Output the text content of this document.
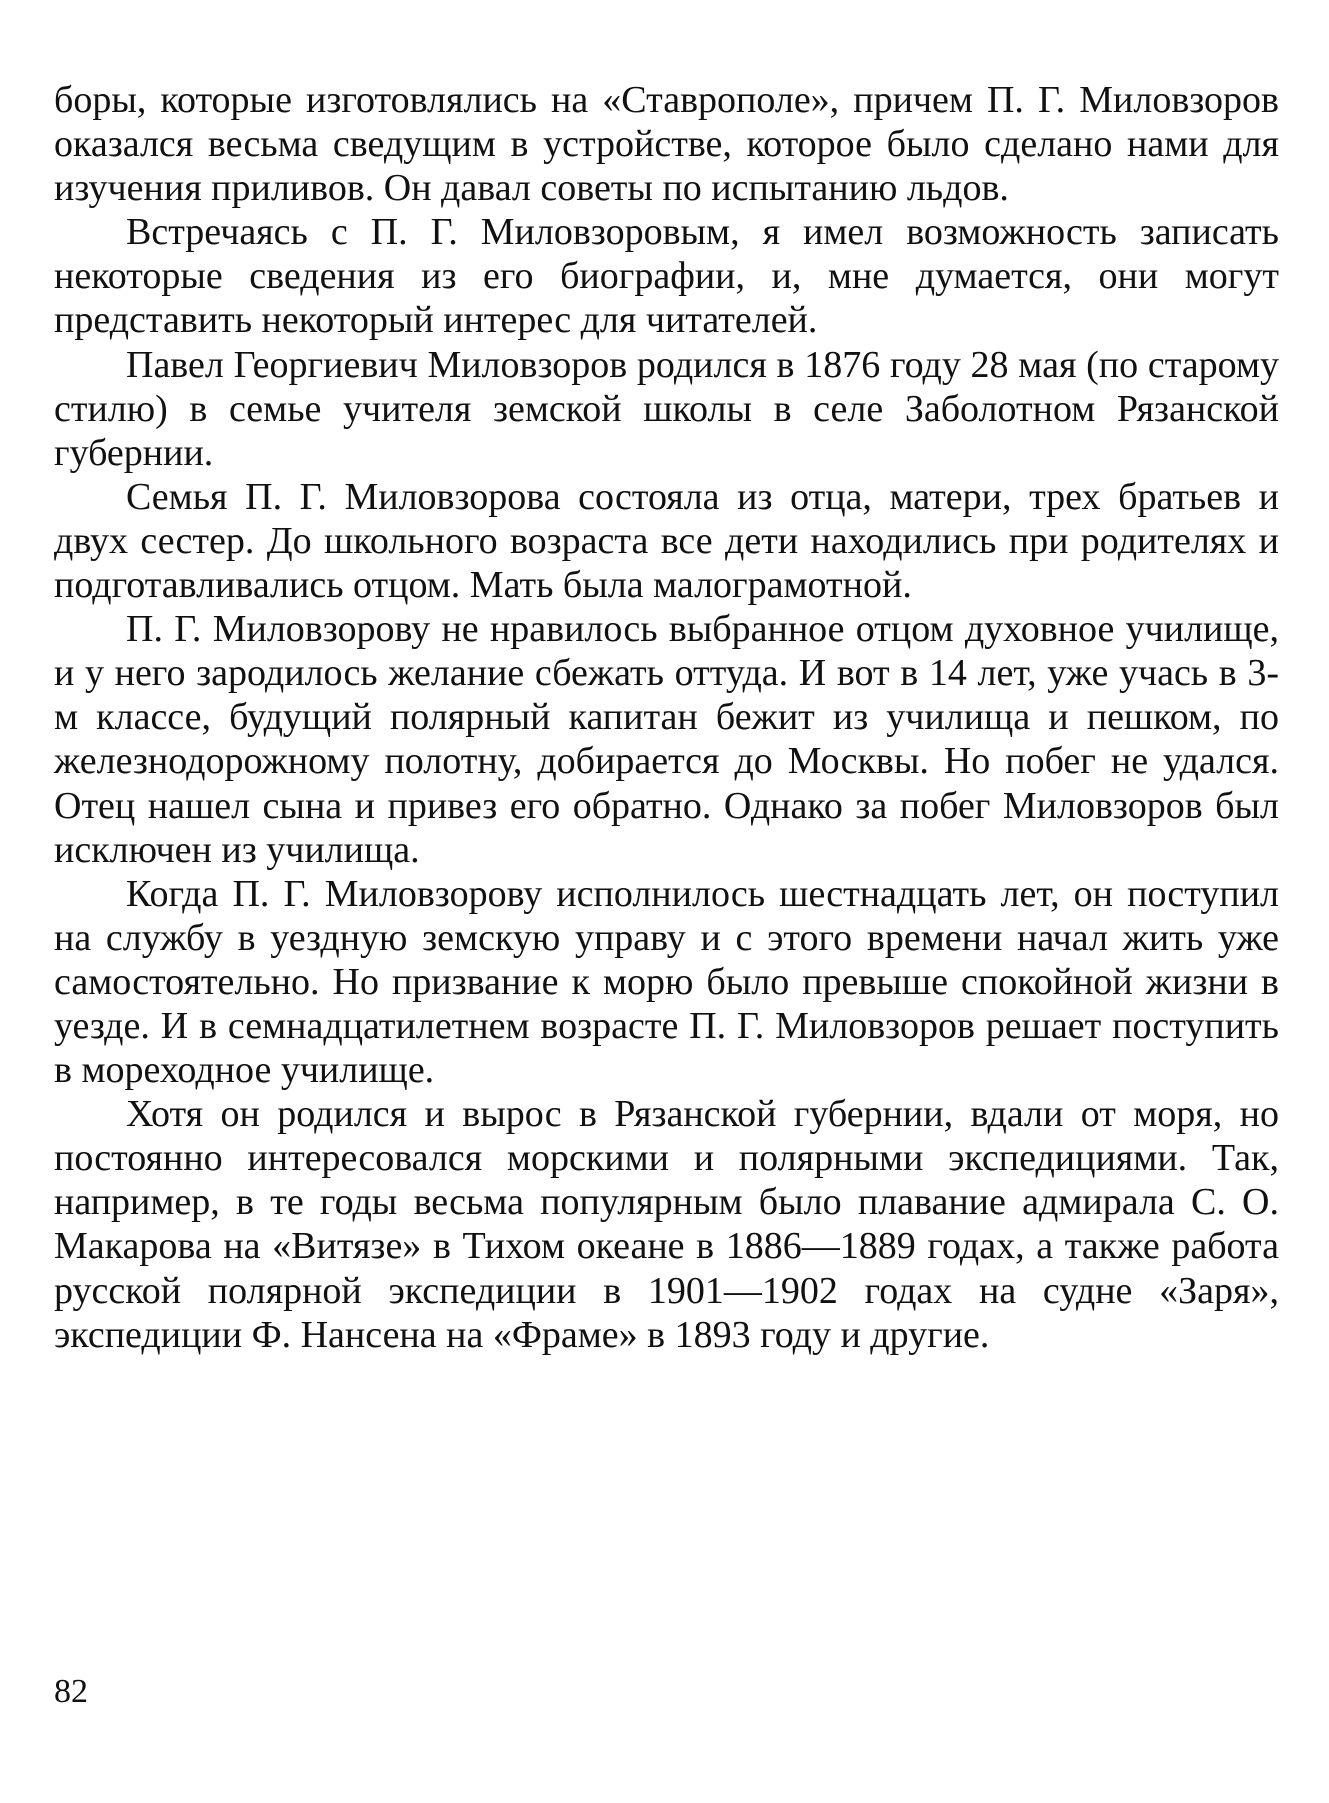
боры, которые изготовлялись на «Ставрополе», причем П. Г. Миловзоров оказался весьма сведущим в устройстве, которое было сделано нами для изучения приливов. Он давал советы по испытанию льдов.

Встречаясь с П. Г. Миловзоровым, я имел возможность записать некоторые сведения из его биографии, и, мне думается, они могут представить некоторый интерес для читателей.

Павел Георгиевич Миловзоров родился в 1876 году 28 мая (по старому стилю) в семье учителя земской школы в селе Заболотном Рязанской губернии.

Семья П. Г. Миловзорова состояла из отца, матери, трех братьев и двух сестер. До школьного возраста все дети находились при родителях и подготавливались отцом. Мать была малограмотной.

П. Г. Миловзорову не нравилось выбранное отцом духовное училище, и у него зародилось желание сбежать оттуда. И вот в 14 лет, уже учась в 3-м классе, будущий полярный капитан бежит из училища и пешком, по железнодорожному полотну, добирается до Москвы. Но побег не удался. Отец нашел сына и привез его обратно. Однако за побег Миловзоров был исключен из училища.

Когда П. Г. Миловзорову исполнилось шестнадцать лет, он поступил на службу в уездную земскую управу и с этого времени начал жить уже самостоятельно. Но призвание к морю было превыше спокойной жизни в уезде. И в семнадцатилетнем возрасте П. Г. Миловзоров решает поступить в мореходное училище.

Хотя он родился и вырос в Рязанской губернии, вдали от моря, но постоянно интересовался морскими и полярными экспедициями. Так, например, в те годы весьма популярным было плавание адмирала С. О. Макарова на «Витязе» в Тихом океане в 1886—1889 годах, а также работа русской полярной экспедиции в 1901—1902 годах на судне «Заря», экспедиции Ф. Нансена на «Фраме» в 1893 году и другие.

82
